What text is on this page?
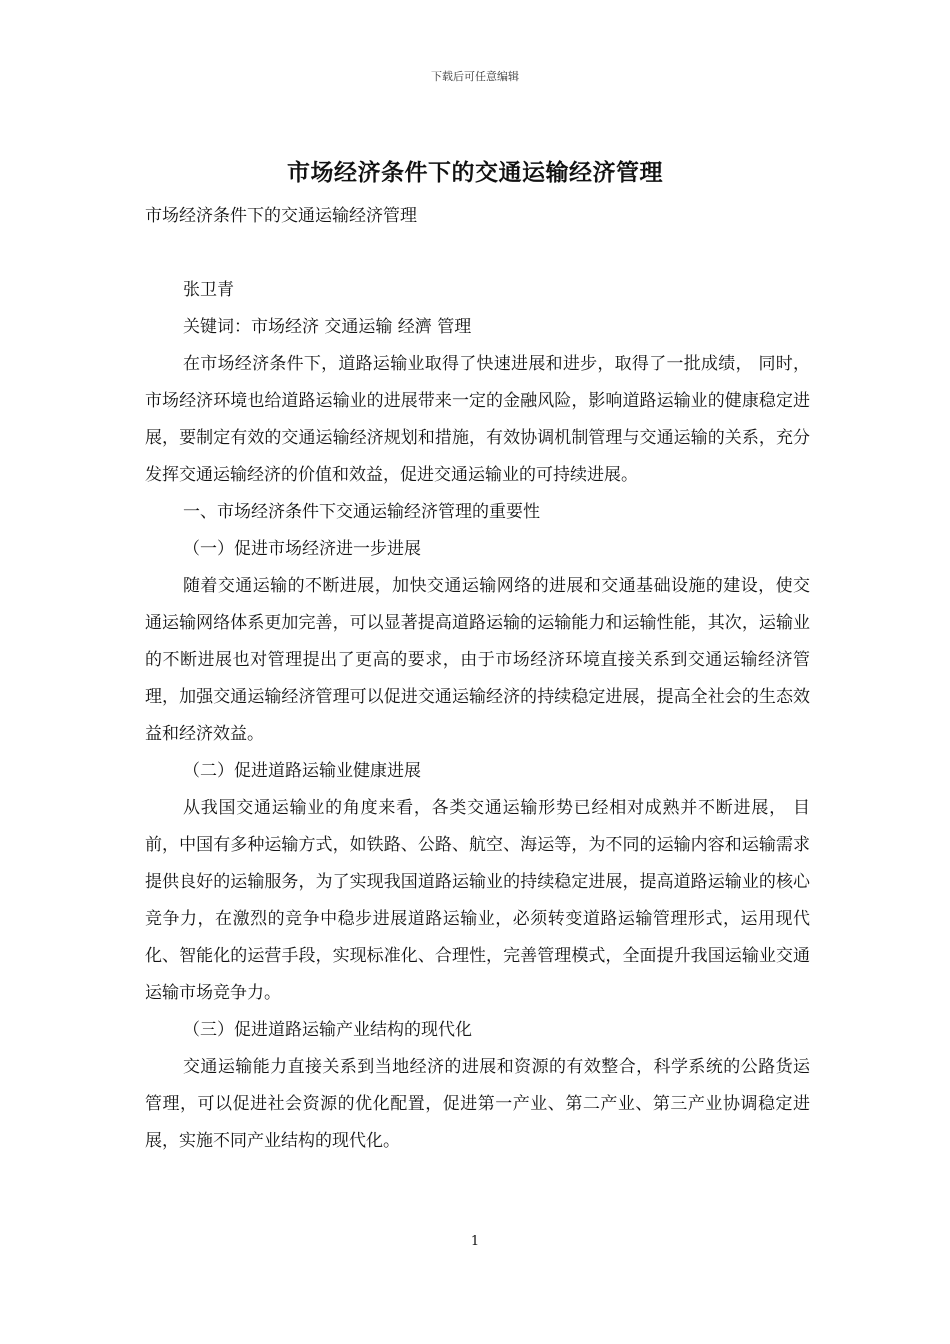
下载后可任意编辑
市场经济条件下的交通运输经济管理

市场经济条件下的交通运输经济管理

张卫青

关键词：市场经济 交通运输 经濟 管理

在市场经济条件下，道路运输业取得了快速进展和进步，取得了一批成绩， 同时，市场经济环境也给道路运输业的进展带来一定的金融风险，影响道路运输业的健康稳定进展，要制定有效的交通运输经济规划和措施，有效协调机制管理与交通运输的关系，充分发挥交通运输经济的价值和效益，促进交通运输业的可持续进展。

一、市场经济条件下交通运输经济管理的重要性

（一）促进市场经济进一步进展

随着交通运输的不断进展，加快交通运输网络的进展和交通基础设施的建设，使交通运输网络体系更加完善，可以显著提高道路运输的运输能力和运输性能，其次，运输业的不断进展也对管理提出了更高的要求，由于市场经济环境直接关系到交通运输经济管理，加强交通运输经济管理可以促进交通运输经济的持续稳定进展，提高全社会的生态效益和经济效益。

（二）促进道路运输业健康进展

从我国交通运输业的角度来看，各类交通运输形势已经相对成熟并不断进展， 目前，中国有多种运输方式，如铁路、公路、航空、海运等，为不同的运输内容和运输需求提供良好的运输服务，为了实现我国道路运输业的持续稳定进展，提高道路运输业的核心竞争力，在激烈的竞争中稳步进展道路运输业，必须转变道路运输管理形式，运用现代化、智能化的运营手段，实现标准化、合理性，完善管理模式，全面提升我国运输业交通运输市场竞争力。

（三）促进道路运输产业结构的现代化

交通运输能力直接关系到当地经济的进展和资源的有效整合，科学系统的公路货运管理，可以促进社会资源的优化配置，促进第一产业、第二产业、第三产业协调稳定进展，实施不同产业结构的现代化。

1
